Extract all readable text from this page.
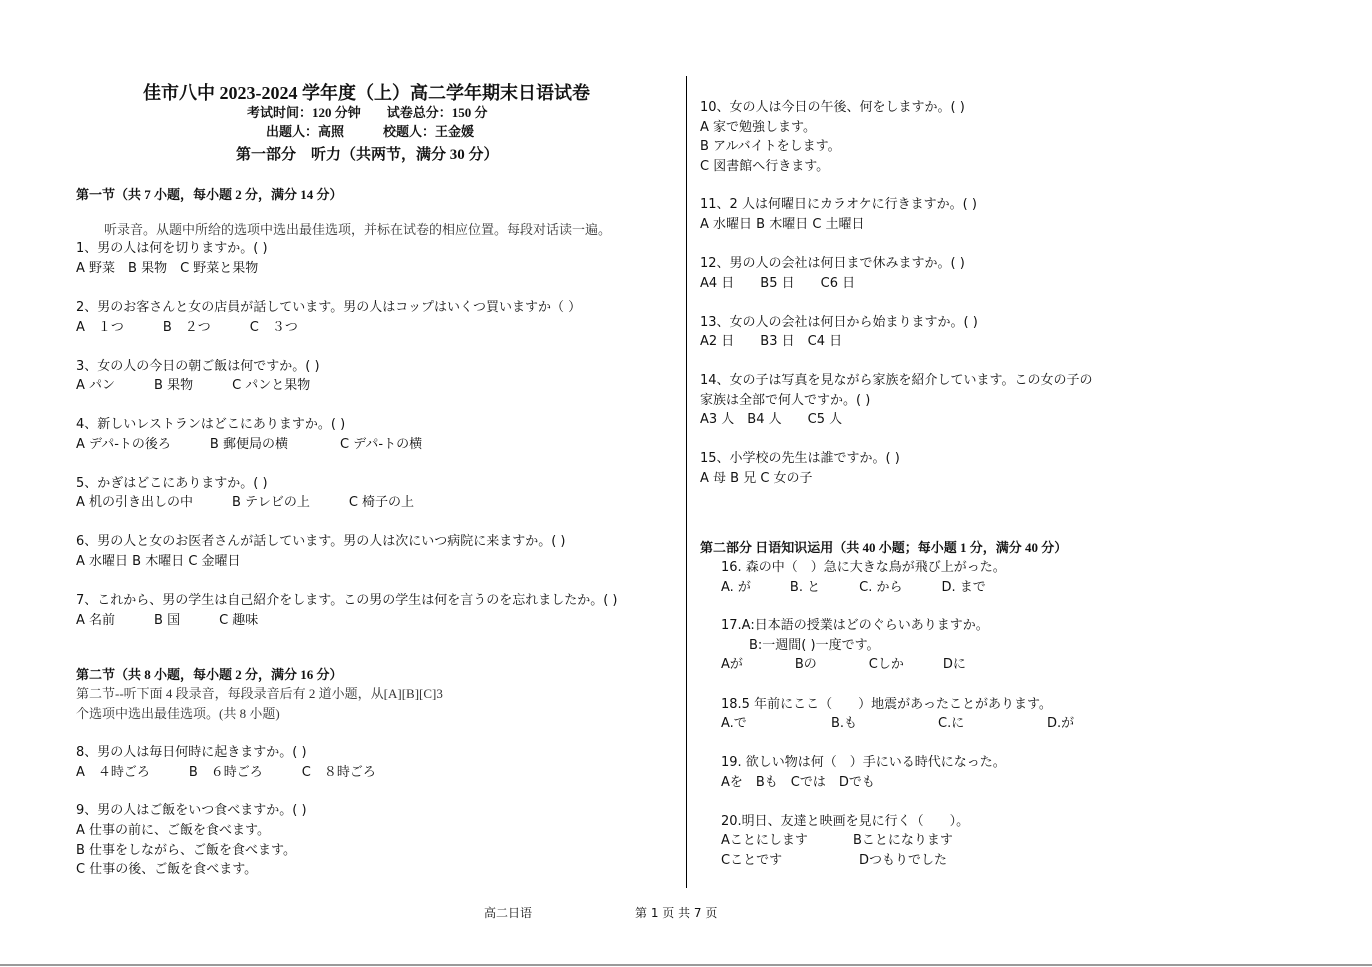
佳市八中 2023-2024 学年度（上）高二学年期末日语试卷
考试时间：120 分钟　　试卷总分：150 分
出题人：高照　　　校题人：王金媛
第一部分　听力（共两节，满分 30 分）
第一节（共 7 小题，每小题 2 分，满分 14 分）
听录音。从题中所给的选项中选出最佳选项，并标在试卷的相应位置。每段对话读一遍。
1、男の人は何を切りますか。( )
A 野菜　B 果物　C 野菜と果物
2、男のお客さんと女の店員が話しています。男の人はコップはいくつ買いますか（ ）
A　１つ　　　B　２つ　　　C　３つ
3、女の人の今日の朝ご飯は何ですか。( )
A パン　　　B 果物　　　C パンと果物
4、新しいレストランはどこにありますか。( )
A デパ-トの後ろ　　　B 郵便局の横　　　　C デパ-トの横
5、かぎはどこにありますか。( )
A 机の引き出しの中　　　B テレビの上　　　C 椅子の上
6、男の人と女のお医者さんが話しています。男の人は次にいつ病院に来ますか。( )
A 水曜日 B 木曜日 C 金曜日
7、これから、男の学生は自己紹介をします。この男の学生は何を言うのを忘れましたか。( )
A 名前　　　B 国　　　C 趣味
第二节（共 8 小题，每小题 2 分，满分 16 分）
第二节--听下面 4 段录音，每段录音后有 2 道小题，从[A][B][C]3
个选项中选出最佳选项。(共 8 小题)
8、男の人は毎日何時に起きますか。( )
A　４時ごろ　　　B　６時ごろ　　　C　８時ごろ
9、男の人はご飯をいつ食べますか。( )
A 仕事の前に、ご飯を食べます。
B 仕事をしながら、ご飯を食べます。
C 仕事の後、ご飯を食べます。
10、女の人は今日の午後、何をしますか。( )
A 家で勉強します。
B アルバイトをします。
C 図書館へ行きます。
11、2 人は何曜日にカラオケに行きますか。( )
A 水曜日 B 木曜日 C 土曜日
12、男の人の会社は何日まで休みますか。( )
A4 日　　B5 日　　C6 日
13、女の人の会社は何日から始まりますか。( )
A2 日　　B3 日　C4 日
14、女の子は写真を見ながら家族を紹介しています。この女の子の
家族は全部で何人ですか。( )
A3 人　B4 人　　C5 人
15、小学校の先生は誰ですか。( )
A 母 B 兄 C 女の子
第二部分 日语知识运用（共 40 小题；每小题 1 分，满分 40 分）
16. 森の中（　）急に大きな鳥が飛び上がった。
A. が　　　B. と　　　C. から　　　D. まで
17.A:日本語の授業はどのぐらいありますか。
B:一週間( )一度です。
Aが　　　　Bの　　　　Cしか　　　Dに
18.5 年前にここ（　　）地震があったことがあります。
A.で	B.も	C.に	D.が
19. 欲しい物は何（　）手にいる時代になった。
Aを　Bも　Cでは　Dでも
20.明日、友達と映画を見に行く（　　）。
Aことにします	Bことになります
Cことです	Dつもりでした
高二日语	第 1 页 共 7 页
